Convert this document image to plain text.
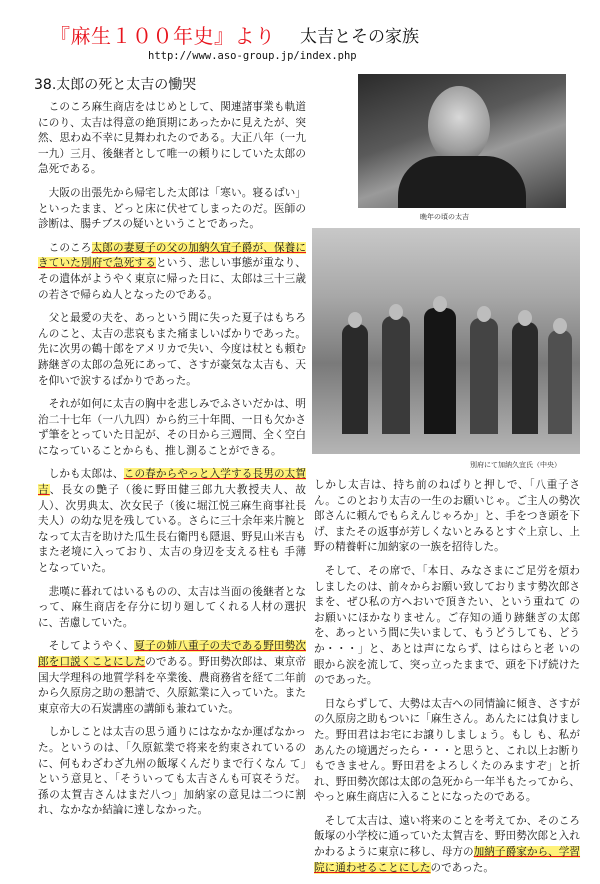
『麻生１００年史』より 太吉とその家族
http://www.aso-group.jp/index.php
38.太郎の死と太吉の慟哭

このころ麻生商店をはじめとして、関連諸事業も軌道にのり、太吉は得意の絶頂期にあったかに見えたが、突然、思わぬ不幸に見舞われたのである。大正八年（一九一九）三月、後継者として唯一の頼りにしていた太郎の急死である。

大阪の出張先から帰宅した太郎は「寒い。寝るばい」といったまま、どっと床に伏せてしまったのだ。医師の診断は、腸チブスの疑いということであった。

このころ太郎の妻夏子の父の加納久宜子爵が、保養にきていた別府で急死するという、悲しい事態が重なり、その遺体がようやく東京に帰った日に、太郎は三十三歳の若さで帰らぬ人となったのである。

父と最愛の夫を、あっという間に失った夏子はもちろんのこと、太吉の悲哀もまた痛ましいばかりであった。先に次男の鶴十郎をアメリカで失い、今度は杖とも頼む跡継ぎの太郎の急死にあって、さすが豪気な太吉も、天を仰いで涙するばかりであった。

それが如何に太吉の胸中を悲しみでふさいだかは、明治二十七年（一八九四）から約三十年間、一日も欠かさず筆をとっていた日記が、その日から三週間、全く空白になっていることからも、推し測ることができる。

しかも太郎は、この春からやっと入学する長男の太賀吉、長女の艶子（後に野田健三郎九大教授夫人、故人）、次男典太、次女民子（後に堀江悦三麻生商事社長 夫人）の幼な児を残している。さらに三十余年来片腕となって太吉を助けた瓜生長右衛門も隠退、野見山米吉もまた老境に入っており、太吉の身辺を支える柱も 手薄となっていた。

悲嘆に暮れてはいるものの、太吉は当面の後継者となって、麻生商店を存分に切り廻してくれる人材の選択に、苦慮していた。

そしてようやく、夏子の姉八重子の夫である野田勢次郎を口説くことにしたのである。野田勢次郎は、東京帝国大学理科の地質学科を卒業後、農商務省を経て二年前から久原房之助の懇請で、久原鉱業に入っていた。また東京帝大の石炭講座の講師も兼ねていた。

しかしことは太吉の思う通りにはなかなか運ばなかった。というのは、「久原鉱業で将来を約束されているのに、何もわざわざ九州の飯塚くんだりまで行くなん て」という意見と、「そういっても太吉さんも可哀そうだ。孫の太賀吉さんはまだ八つ」加納家の意見は二つに割れ、なかなか結論に達しなかった。

晩年の頃の太吉
別府にて加納久宜氏（中央）

しかし太吉は、持ち前のねばりと押しで、「八重子さん。このとおり太吉の一生のお願いじゃ。ご主人の勢次郎さんに頼んでもらえんじゃろか」と、手をつき頭を下げ、またその返事が芳しくないとみるとすぐ上京し、上野の精養軒に加納家の一族を招待した。

そして、その席で、「本日、みなさまにご足労を煩わしましたのは、前々からお願い致しております勢次郎さまを、ぜひ私の方へおいで頂きたい、という重ねて のお願いにほかなりません。ご存知の通り跡継ぎの太郎を、あっという間に失いまして、もうどうしても、どうか・・・」と、あとは声にならず、はらはらと老 いの眼から涙を流して、突っ立ったままで、頭を下げ続けたのであった。

日ならずして、大勢は太吉への同情論に傾き、さすがの久原房之助もついに「麻生さん。あんたには負けました。野田君はお宅にお譲りしましょう。もし も、私があんたの境遇だったら・・・と思うと、これ以上お断りもできません。野田君をよろしくたのみますぞ」と折れ、野田勢次郎は太郎の急死から一年半もたってから、やっと麻生商店に入ることになったのである。

そして太吉は、遠い将来のことを考えてか、そのころ飯塚の小学校に通っていた太賀吉を、野田勢次郎と入れかわるように東京に移し、母方の加納子爵家から、学習院に通わせることにしたのであった。
